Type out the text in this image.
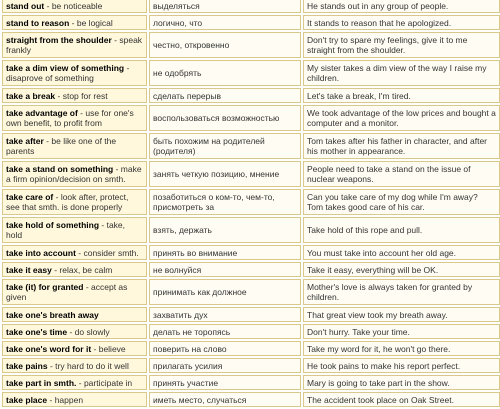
stand out - be noticeable	выделяться	He stands out in any group of people.
stand to reason - be logical	логично, что	It stands to reason that he apologized.
straight from the shoulder - speak frankly	честно, откровенно	Don't try to spare my feelings, give it to me straight from the shoulder.
take a dim view of something - disaprove of something	не одобрять	My sister takes a dim view of the way I raise my children.
take a break - stop for rest	сделать перерыв	Let's take a break, I'm tired.
take advantage of - use for one's own benefit, to profit from	воспользоваться возможностью	We took advantage of the low prices and bought a computer and a monitor.
take after - be like one of the parents	быть похожим на родителей (родителя)	Tom takes after his father in character, and after his mother in appearance.
take a stand on something - make a firm opinion/decision on smth.	занять четкую позицию, мнение	People need to take a stand on the issue of nuclear weapons.
take care of - look after, protect, see that smth. is done properly	позаботиться о ком-то, чем-то, присмотреть за	Can you take care of my dog while I'm away? Tom takes good care of his car.
take hold of something - take, hold	взять, держать	Take hold of this rope and pull.
take into account - consider smth.	принять во внимание	You must take into account her old age.
take it easy - relax, be calm	не волнуйся	Take it easy, everything will be OK.
take (it) for granted - accept as given	принимать как должное	Mother's love is always taken for granted by children.
take one's breath away	захватить дух	That great view took my breath away.
take one's time - do slowly	делать не торопясь	Don't hurry. Take your time.
take one's word for it - believe	поверить на слово	Take my word for it, he won't go there.
take pains - try hard to do it well	прилагать усилия	He took pains to make his report perfect.
take part in smth. - participate in	принять участие	Mary is going to take part in the show.
take place - happen	иметь место, случаться	The accident took place on Oak Street.
